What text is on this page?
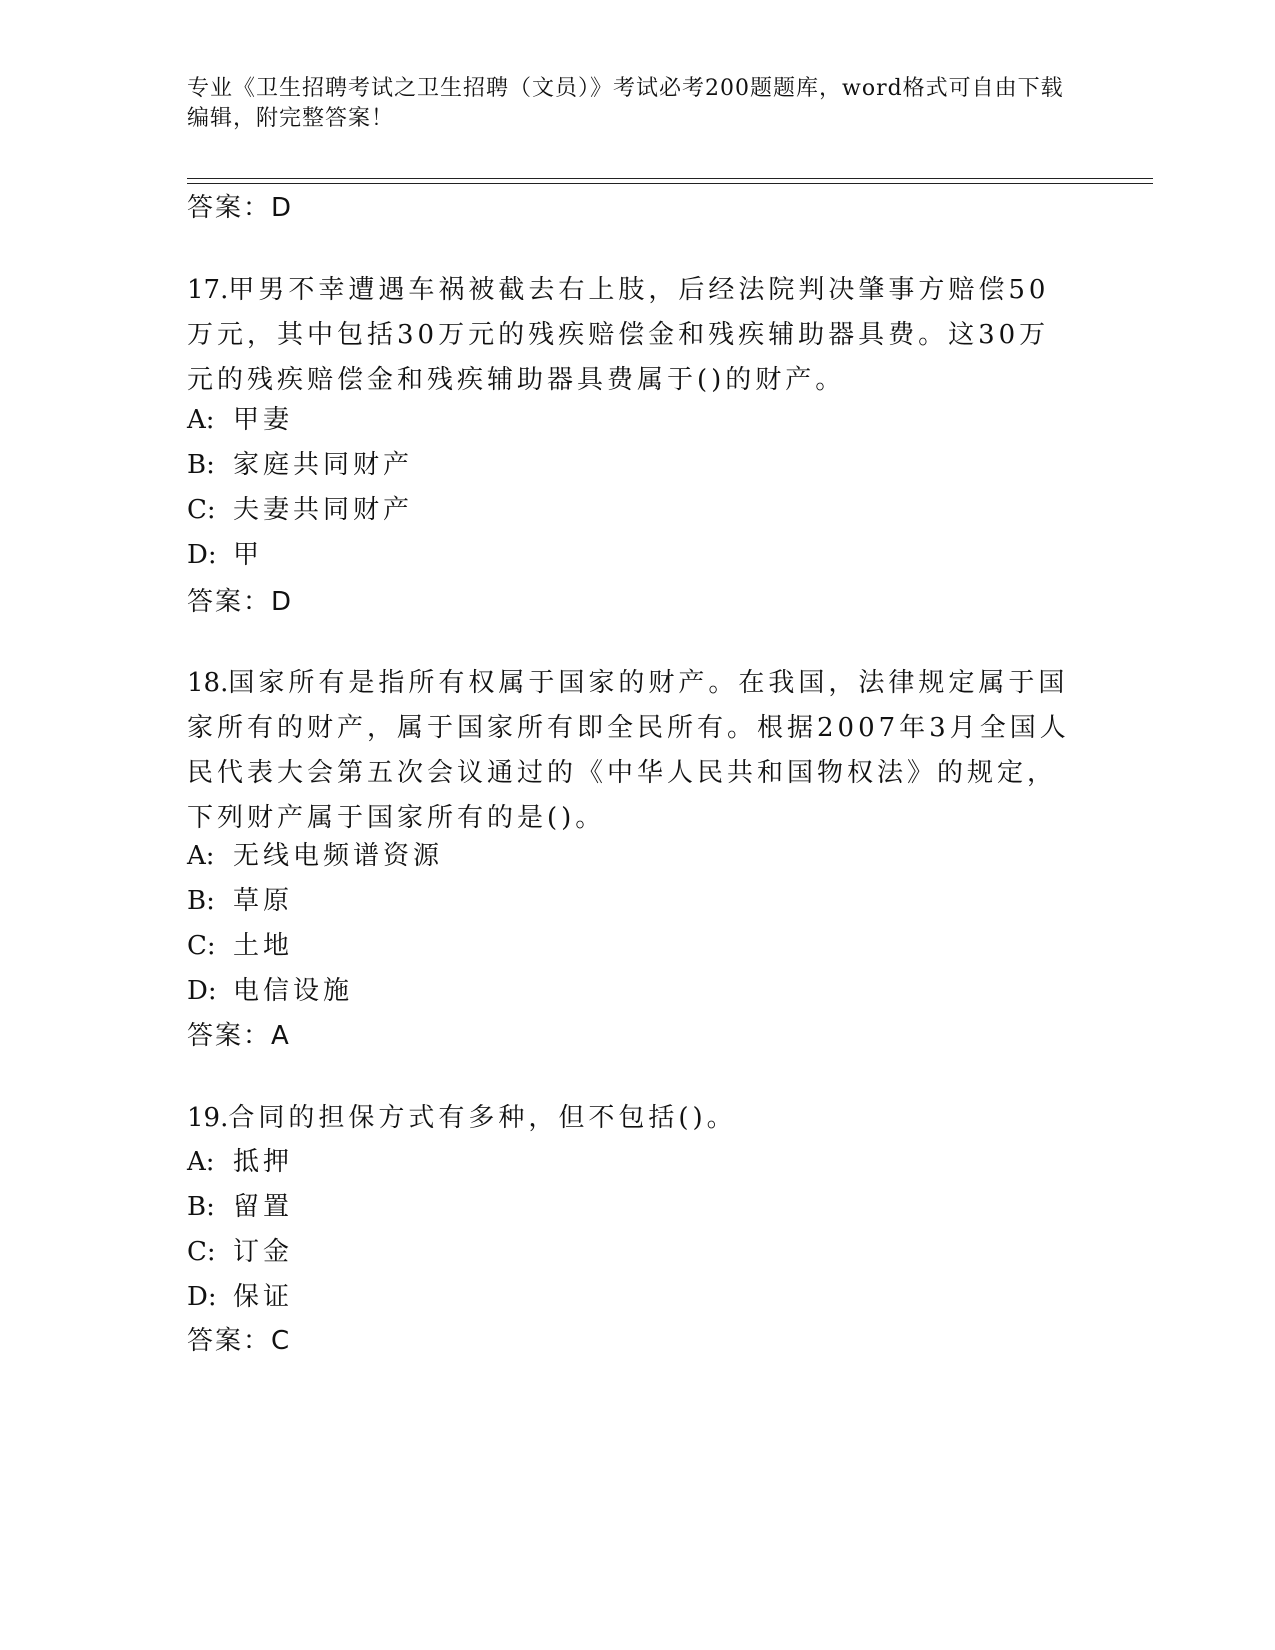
专业《卫生招聘考试之卫生招聘（文员）》考试必考200题题库，word格式可自由下载编辑，附完整答案！
答案：D
17.甲男不幸遭遇车祸被截去右上肢，后经法院判决肇事方赔偿50万元，其中包括30万元的残疾赔偿金和残疾辅助器具费。这30万元的残疾赔偿金和残疾辅助器具费属于()的财产。
A: 甲妻
B: 家庭共同财产
C: 夫妻共同财产
D: 甲
答案：D
18.国家所有是指所有权属于国家的财产。在我国，法律规定属于国家所有的财产，属于国家所有即全民所有。根据2007年3月全国人民代表大会第五次会议通过的《中华人民共和国物权法》的规定，下列财产属于国家所有的是()。
A: 无线电频谱资源
B: 草原
C: 土地
D: 电信设施
答案：A
19.合同的担保方式有多种，但不包括()。
A: 抵押
B: 留置
C: 订金
D: 保证
答案：C
